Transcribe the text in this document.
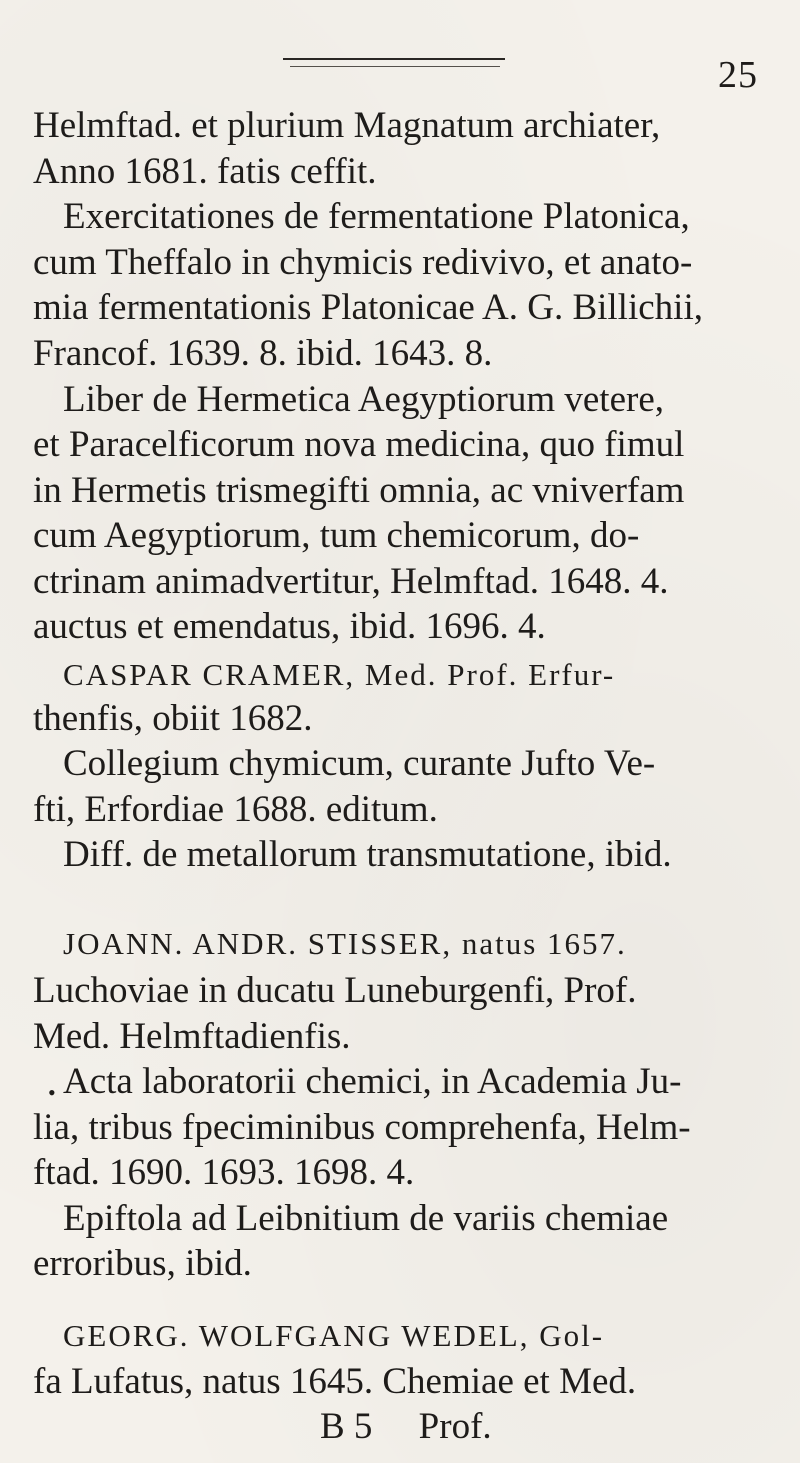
25

Helmftad. et plurium Magnatum archiater,

Anno 1681. fatis ceffit.

Exercitationes de fermentatione Platonica,

cum Theffalo in chymicis redivivo, et anato-

mia fermentationis Platonicae A. G. Billichii,

Francof. 1639. 8. ibid. 1643. 8.

Liber de Hermetica Aegyptiorum vetere,

et Paracelficorum nova medicina, quo fimul

in Hermetis trismegifti omnia, ac vniverfam

cum Aegyptiorum, tum chemicorum, do-

ctrinam animadvertitur, Helmftad. 1648. 4.

auctus et emendatus, ibid. 1696. 4.

CASPAR CRAMER, Med. Prof. Erfur-

thenfis, obiit 1682.

Collegium chymicum, curante Jufto Ve-

fti, Erfordiae 1688. editum.

Diff. de metallorum transmutatione, ibid.

•

JOANN. ANDR. STISSER, natus 1657.

Luchoviae in ducatu Luneburgenfi, Prof.

Med. Helmftadienfis.

Acta laboratorii chemici, in Academia Ju-

lia, tribus fpeciminibus comprehenfa, Helm-

ftad. 1690. 1693. 1698. 4.

Epiftola ad Leibnitium de variis chemiae

erroribus, ibid.

GEORG. WOLFGANG WEDEL, Gol-

fa Lufatus, natus 1645. Chemiae et Med.

B 5     Prof.
